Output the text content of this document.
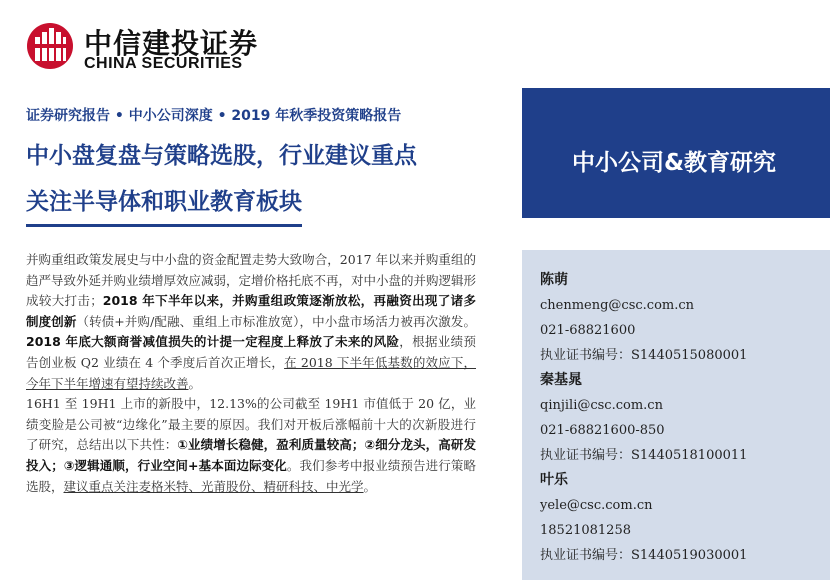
中信建投证券
CHINA SECURITIES
证券研究报告 • 中小公司深度 • 2019 年秋季投资策略报告
中小盘复盘与策略选股，行业建议重点
关注半导体和职业教育板块
中小公司&教育研究

并购重组政策发展史与中小盘的资金配置走势大致吻合，2017 年以来并购重组的趋严导致外延并购业绩增厚效应减弱，定增价格托底不再，对中小盘的并购逻辑形成较大打击；2018 年下半年以来，并购重组政策逐渐放松，再融资出现了诸多制度创新（转债+并购/配融、重组上市标准放宽），中小盘市场活力被再次激发。2018 年底大额商誉减值损失的计提一定程度上释放了未来的风险，根据业绩预告创业板 Q2 业绩在 4 个季度后首次正增长，在 2018 下半年低基数的效应下，今年下半年增速有望持续改善。

16H1 至 19H1 上市的新股中，12.13%的公司截至 19H1 市值低于 20 亿，业绩变脸是公司被“边缘化”最主要的原因。我们对开板后涨幅前十大的次新股进行了研究，总结出以下共性：①业绩增长稳健，盈利质量较高；②细分龙头，高研发投入；③逻辑通顺，行业空间+基本面边际变化。我们参考中报业绩预告进行策略选股，建议重点关注麦格米特、光莆股份、精研科技、中光学。

陈萌
chenmeng@csc.com.cn
021-68821600
执业证书编号：S1440515080001
秦基晁
qinjili@csc.com.cn
021-68821600-850
执业证书编号：S1440518100011
叶乐
yele@csc.com.cn
18521081258
执业证书编号：S1440519030001
